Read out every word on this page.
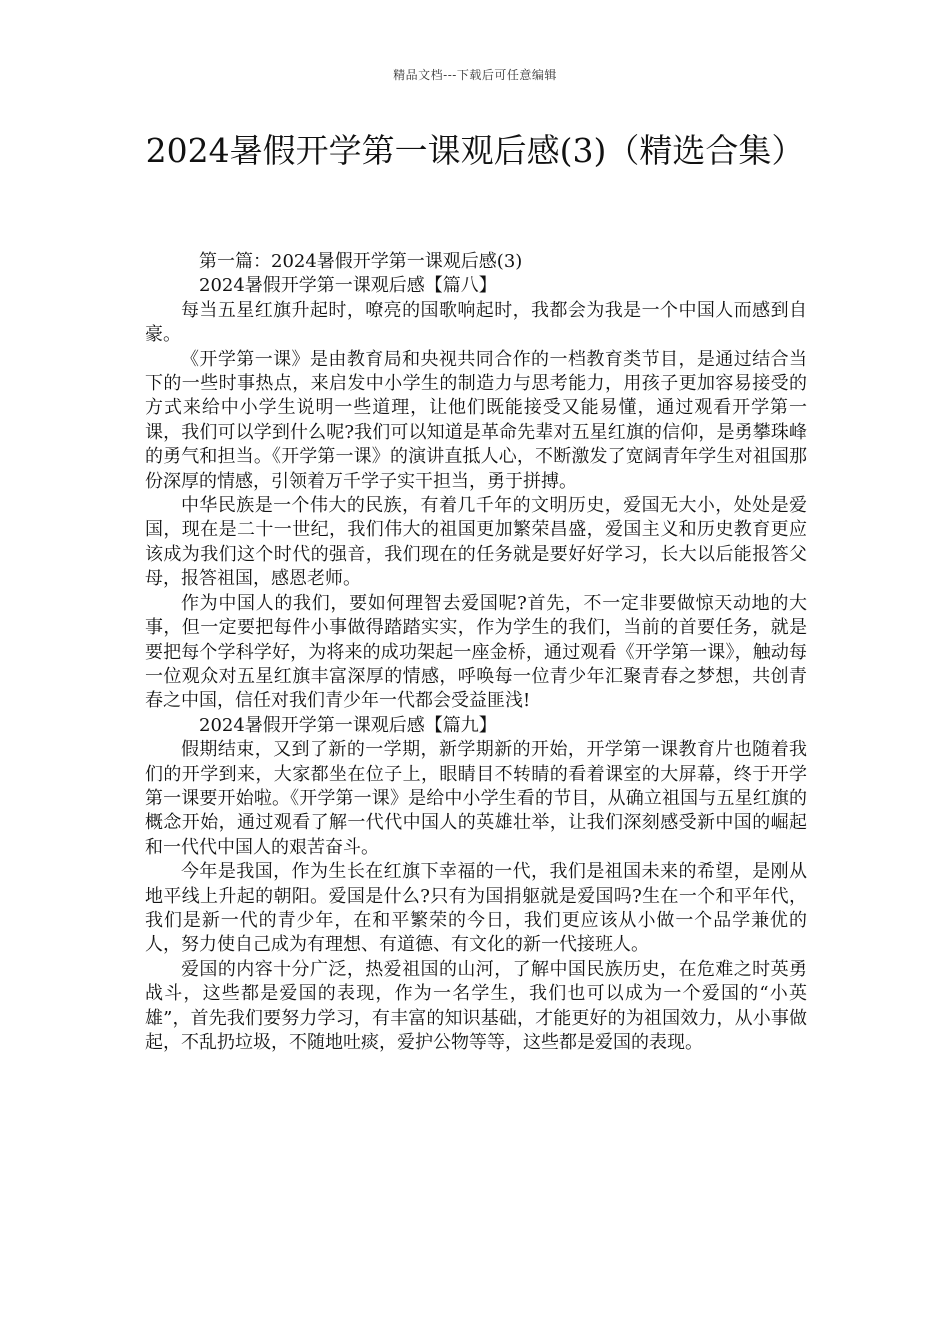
精品文档---下载后可任意编辑
2024暑假开学第一课观后感(3)（精选合集）

第一篇：2024暑假开学第一课观后感(3)

2024暑假开学第一课观后感【篇八】

每当五星红旗升起时，嘹亮的国歌响起时，我都会为我是一个中国人而感到自豪。

《开学第一课》是由教育局和央视共同合作的一档教育类节目，是通过结合当下的一些时事热点，来启发中小学生的制造力与思考能力，用孩子更加容易接受的方式来给中小学生说明一些道理，让他们既能接受又能易懂，通过观看开学第一课，我们可以学到什么呢?我们可以知道是革命先辈对五星红旗的信仰，是勇攀珠峰的勇气和担当。《开学第一课》的演讲直抵人心，不断激发了宽阔青年学生对祖国那份深厚的情感，引领着万千学子实干担当，勇于拼搏。

中华民族是一个伟大的民族，有着几千年的文明历史，爱国无大小，处处是爱国，现在是二十一世纪，我们伟大的祖国更加繁荣昌盛，爱国主义和历史教育更应该成为我们这个时代的强音，我们现在的任务就是要好好学习，长大以后能报答父母，报答祖国，感恩老师。

作为中国人的我们，要如何理智去爱国呢?首先，不一定非要做惊天动地的大事，但一定要把每件小事做得踏踏实实，作为学生的我们，当前的首要任务，就是要把每个学科学好，为将来的成功架起一座金桥，通过观看《开学第一课》，触动每一位观众对五星红旗丰富深厚的情感，呼唤每一位青少年汇聚青春之梦想，共创青春之中国，信任对我们青少年一代都会受益匪浅!

2024暑假开学第一课观后感【篇九】

假期结束，又到了新的一学期，新学期新的开始，开学第一课教育片也随着我们的开学到来，大家都坐在位子上，眼睛目不转睛的看着课室的大屏幕，终于开学第一课要开始啦。《开学第一课》是给中小学生看的节目，从确立祖国与五星红旗的概念开始，通过观看了解一代代中国人的英雄壮举，让我们深刻感受新中国的崛起和一代代中国人的艰苦奋斗。

今年是我国，作为生长在红旗下幸福的一代，我们是祖国未来的希望，是刚从地平线上升起的朝阳。爱国是什么?只有为国捐躯就是爱国吗?生在一个和平年代，我们是新一代的青少年，在和平繁荣的今日，我们更应该从小做一个品学兼优的人，努力使自己成为有理想、有道德、有文化的新一代接班人。

爱国的内容十分广泛，热爱祖国的山河，了解中国民族历史，在危难之时英勇战斗，这些都是爱国的表现，作为一名学生，我们也可以成为一个爱国的“小英雄”，首先我们要努力学习，有丰富的知识基础，才能更好的为祖国效力，从小事做起，不乱扔垃圾，不随地吐痰，爱护公物等等，这些都是爱国的表现。
